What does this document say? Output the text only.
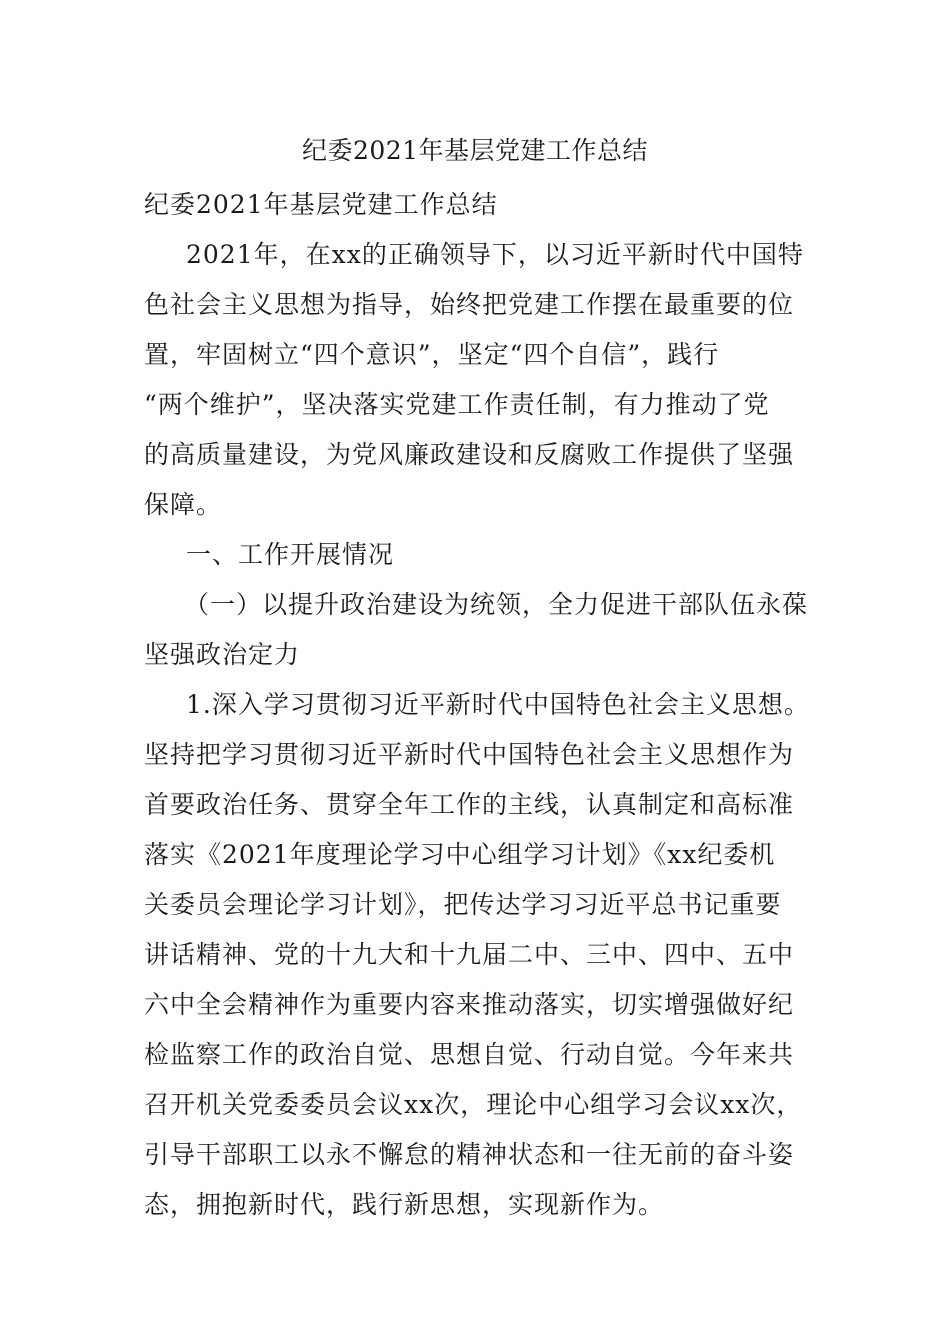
纪委2021年基层党建工作总结

纪委2021年基层党建工作总结

2021年，在xx的正确领导下，以习近平新时代中国特

色社会主义思想为指导，始终把党建工作摆在最重要的位

置，牢固树立“四个意识”，坚定“四个自信”，践行

“两个维护”，坚决落实党建工作责任制，有力推动了党

的高质量建设，为党风廉政建设和反腐败工作提供了坚强

保障。

一、工作开展情况

（一）以提升政治建设为统领，全力促进干部队伍永葆

坚强政治定力

1.深入学习贯彻习近平新时代中国特色社会主义思想。

坚持把学习贯彻习近平新时代中国特色社会主义思想作为

首要政治任务、贯穿全年工作的主线，认真制定和高标准

落实《2021年度理论学习中心组学习计划》《xx纪委机

关委员会理论学习计划》，把传达学习习近平总书记重要

讲话精神、党的十九大和十九届二中、三中、四中、五中

六中全会精神作为重要内容来推动落实，切实增强做好纪

检监察工作的政治自觉、思想自觉、行动自觉。今年来共

召开机关党委委员会议xx次，理论中心组学习会议xx次，

引导干部职工以永不懈怠的精神状态和一往无前的奋斗姿

态，拥抱新时代，践行新思想，实现新作为。
